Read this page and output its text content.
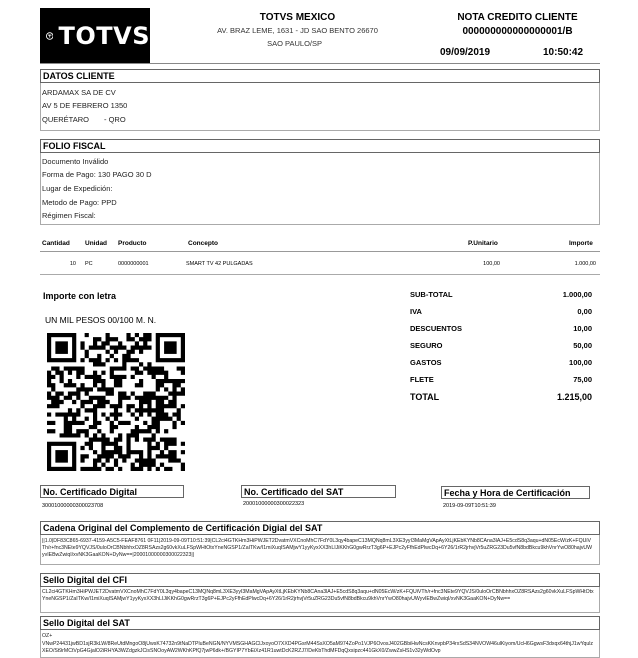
TOTVS
TOTVS MEXICO
AV. BRAZ LEME, 1631 - JD SAO BENTO 26670
SAO PAULO/SP
NOTA CREDITO CLIENTE
000000000000000001/B
09/09/2019	10:50:42
DATOS CLIENTE
ARDAMAX SA DE CV
AV 5 DE FEBRERO 1350
QUERÉTARO - QRO
FOLIO FISCAL
Documento Inválido
Forma de Pago: 130 PAGO 30 D
Lugar de Expedición:
Metodo de Pago: PPD
Régimen Fiscal:
Cantidad Unidad Producto	Concepto	P.Unitario	Importe
10 PC	0000000001	SMART TV 42 PULGADAS	100,00	1.000,00
Importe con letra
UN MIL PESOS 00/100 M. N.
SUB-TOTAL	1.000,00
IVA	0,00
DESCUENTOS	10,00
SEGURO	50,00
GASTOS	100,00
FLETE	75,00
TOTAL	1.215,00
No. Certificado Digital
30001000000300023708
No. Certificado del SAT
20001000000300022323
Fecha y Hora de Certificación
2019-09-09T10:51:39
Cadena Original del Complemento de Certificación Digial del SAT
||1.0|DF83C865-6937-4159-A5C5-FEAF8761 0F11|2019-09-09T10:51:39|CL2ci4GTKHm3HiPWJET2DvatmVXCnoMhC7FdY0L3qy4bapeC13MQNq8mL3XE3yyI3MaMgVApAyXtLjKEbKYNb8CAna3lAJ+E5cdS8q3aqu+dN05EcW/zK+FQUiVTh/r+fnc3NEte9YQVJS/0uloOrCBNbhhxOZ8RSAzs2g60vkXuLFSpWHtOtxYneNGSP1/ZaITKw/I1miXuqISAMjwY1yyKyxXX3hLIJiKKhG0gwRrzT3g6P+EJPc2yFfhEdPlwcDq+6Y26/1rR2jrhvjVr5uZRG23Du5vfN8bdBkcu9khVnrYwO80hajvUWyvIEBwZwiqI/xvNK3GaaKON+DyNw==|20001000000300022323||
Sello Digital del CFI
CL2ci4GTKHm3HiPWJET2DvatmVXCnoMhC7FdY0L3qy4bapeC13MQNq8mL3XE3yyI3MaMgVApAyXtLjKEbKYNb8CAna3lAJ+E5cdS8q3aqu+dN05EcW/zK+FQUiVTh/r+fnc3NEte9YQVJS/0uloOrCBNbhhxOZ8RSAzs2g60vkXuLFSpWHtOtxYneNGSP1/ZaITKw/I1miXuqISAMjwY1yyKyxXX3hLIJiKKhG0gwRrzT3g6P+EJPc2yFfhEdPlwcDq+6Y26/1rR2jrhvjVr5uZRG23Du5vfN8bdBkcu9khVnrYwO80hajvUWyvIEBwZwiqI/xvNK3GaaKON+DyNw==
Sello Digital del SAT
OZ+
VNwP24431jwBD1sjR3kLW/8ReUtdMngoO8jUwsK74732n9tNaDTPluBeNGN/NYVMSGHAGClJxoyoO7XXD4PGsrM44SsXO5aM974ZoPo1VJP6OvosJ402GBbiHwNcsKKnvpbP34rxSdS34NVOW46ulKiyom/UcH6GgwsF3dxqx64thjJ1wYqulzXEO/St9rMCtVpG4GjalO2iRHYA3WZdgzkJCisSNOoyAW2WKhKPfQ7jwP6dk+/BGYIP7YbEiXz41R1uwtDcK2RZJ7/DeKbThdMFDqQxsipzc441GkX0/ZwwZsHS1v32yWdOvp
